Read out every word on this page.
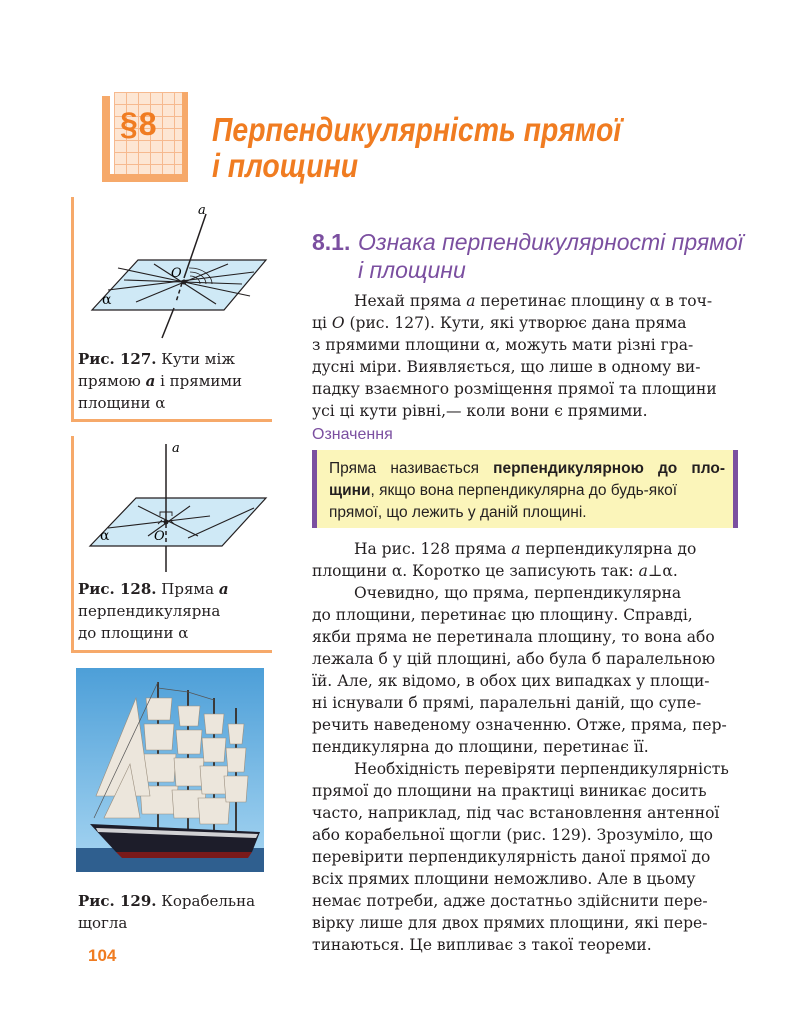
§8 Перпендикулярність прямої
і площини
a
O
α
Рис. 127. Кути між
прямою a і прямими
площини α
a
O
α
Рис. 128. Пряма a
перпендикулярна
до площини α
Рис. 129. Корабельна
щогла
8.1. Ознака перпендикулярності прямої
і площини

Нехай пряма a перетинає площину α в точ-

ці O (рис. 127). Кути, які утворює дана пряма

з прямими площини α, можуть мати різні гра-

дусні міри. Виявляється, що лише в одному ви-

падку взаємного розміщення прямої та площини

усі ці кути рівні,— коли вони є прямими.

Означення
Пряма називається перпендикулярною до пло-
щини, якщо вона перпендикулярна до будь-якої
прямої, що лежить у даній площині.

На рис. 128 пряма a перпендикулярна до

площини α. Коротко це записують так: a⊥α.

Очевидно, що пряма, перпендикулярна

до площини, перетинає цю площину. Справді,

якби пряма не перетинала площину, то вона або

лежала б у цій площині, або була б паралельною

їй. Але, як відомо, в обох цих випадках у площи-

ні існували б прямі, паралельні даній, що супе-

речить наведеному означенню. Отже, пряма, пер-

пендикулярна до площини, перетинає її.

Необхідність перевіряти перпендикулярність

прямої до площини на практиці виникає досить

часто, наприклад, під час встановлення антенної

або корабельної щогли (рис. 129). Зрозуміло, що

перевірити перпендикулярність даної прямої до

всіх прямих площини неможливо. Але в цьому

немає потреби, адже достатньо здійснити пере-

вірку лише для двох прямих площини, які пере-

тинаються. Це випливає з такої теореми.

104
